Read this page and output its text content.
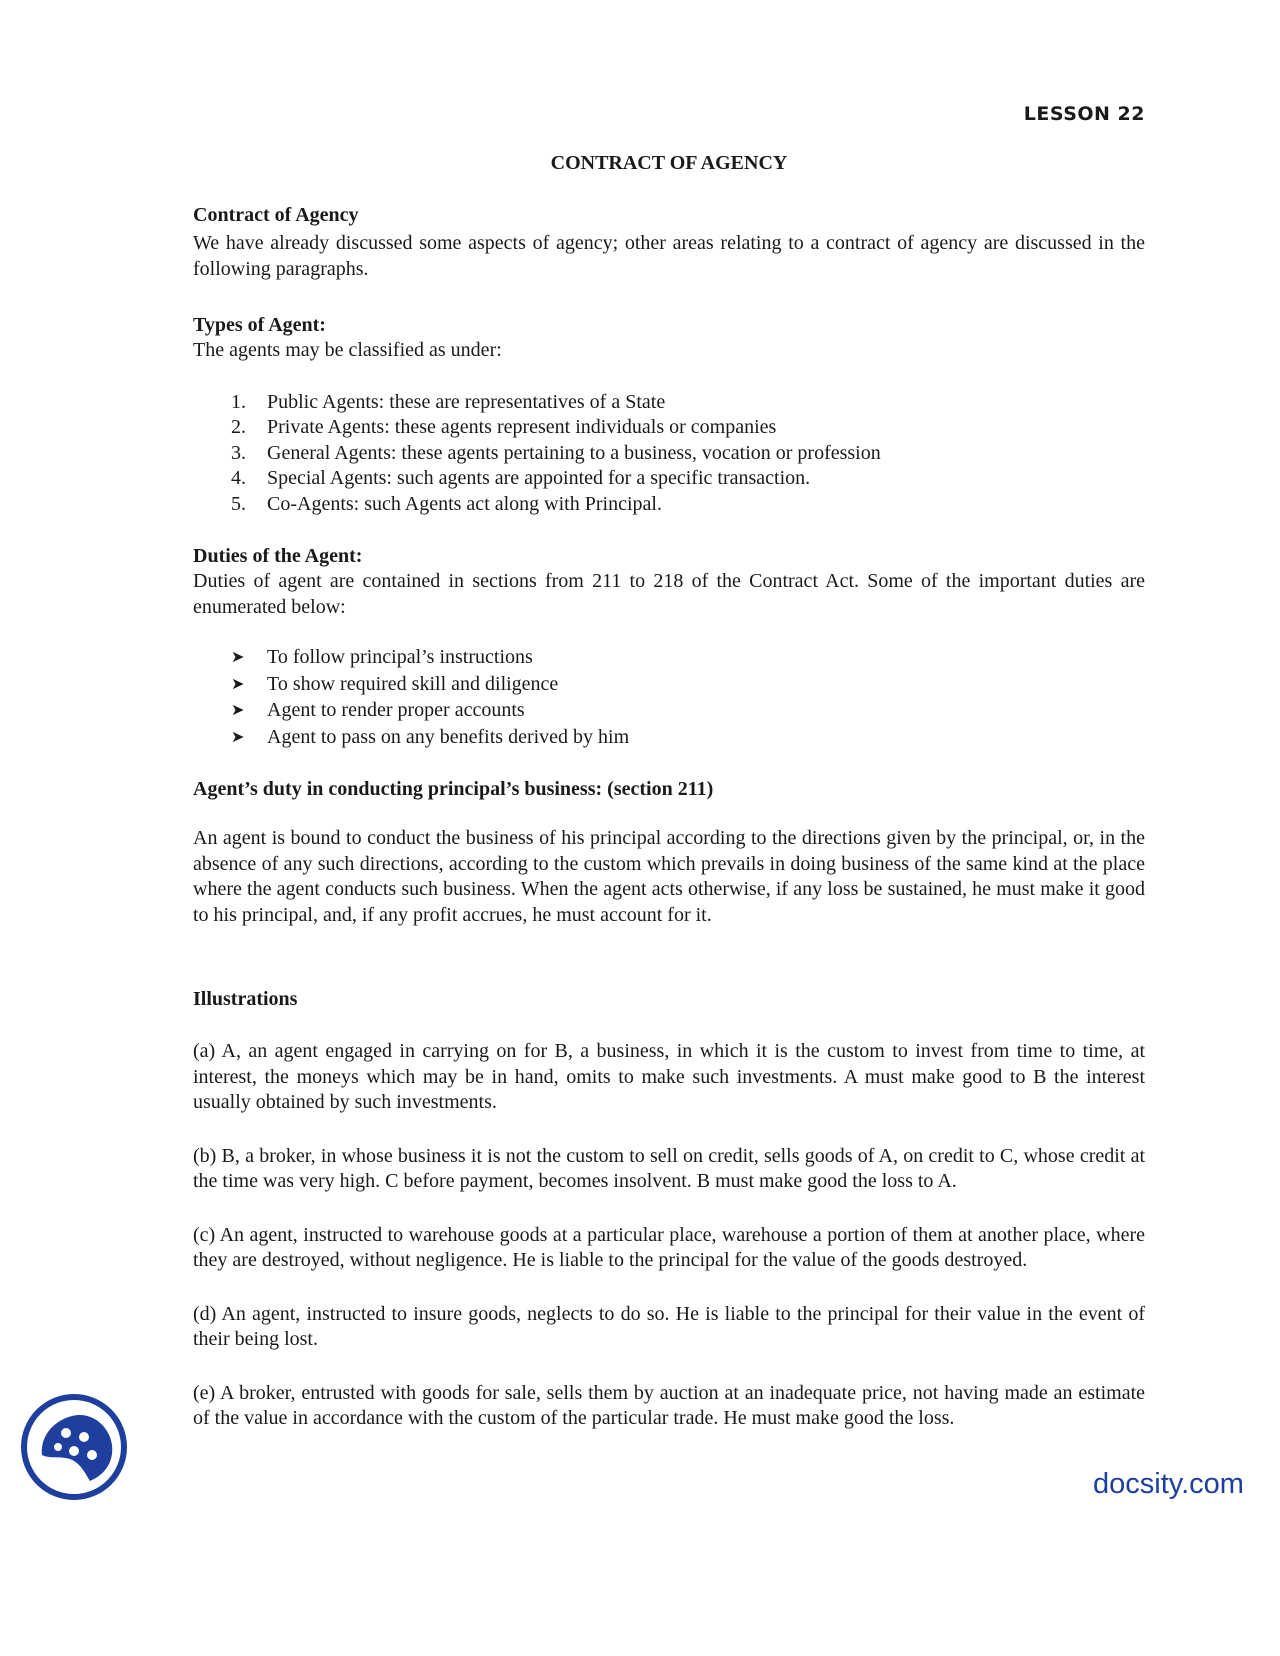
LESSON 22
CONTRACT OF AGENCY

Contract of Agency

We have already discussed some aspects of agency; other areas relating to a contract of agency are discussed in the following paragraphs.

Types of Agent:

The agents may be classified as under:

1. Public Agents: these are representatives of a State
2. Private Agents: these agents represent individuals or companies
3. General Agents: these agents pertaining to a business, vocation or profession
4. Special Agents: such agents are appointed for a specific transaction.
5. Co-Agents: such Agents act along with Principal.

Duties of the Agent:

Duties of agent are contained in sections from 211 to 218 of the Contract Act. Some of the important duties are enumerated below:

➤ To follow principal’s instructions
➤ To show required skill and diligence
➤ Agent to render proper accounts
➤ Agent to pass on any benefits derived by him

Agent’s duty in conducting principal’s business: (section 211)

An agent is bound to conduct the business of his principal according to the directions given by the principal, or, in the absence of any such directions, according to the custom which prevails in doing business of the same kind at the place where the agent conducts such business. When the agent acts otherwise, if any loss be sustained, he must make it good to his principal, and, if any profit accrues, he must account for it.

Illustrations

(a) A, an agent engaged in carrying on for B, a business, in which it is the custom to invest from time to time, at interest, the moneys which may be in hand, omits to make such investments. A must make good to B the interest usually obtained by such investments.

(b) B, a broker, in whose business it is not the custom to sell on credit, sells goods of A, on credit to C, whose credit at the time was very high. C before payment, becomes insolvent. B must make good the loss to A.

(c) An agent, instructed to warehouse goods at a particular place, warehouse a portion of them at another place, where they are destroyed, without negligence. He is liable to the principal for the value of the goods destroyed.

(d) An agent, instructed to insure goods, neglects to do so. He is liable to the principal for their value in the event of their being lost.

(e) A broker, entrusted with goods for sale, sells them by auction at an inadequate price, not having made an estimate of the value in accordance with the custom of the particular trade. He must make good the loss.

docsity.com
